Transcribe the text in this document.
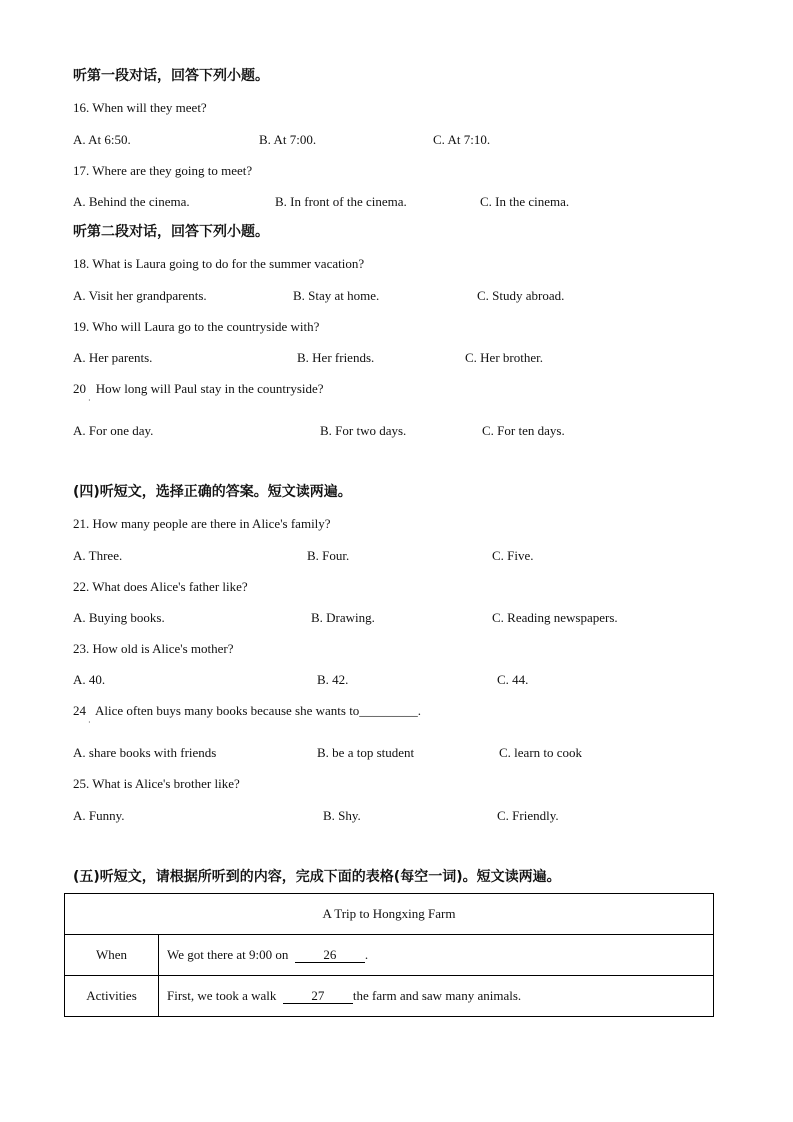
听第一段对话，回答下列小题。
16. When will they meet?
A. At 6:50.	B. At 7:00.	C. At 7:10.
17. Where are they going to meet?
A. Behind the cinema.	B. In front of the cinema.	C. In the cinema.
听第二段对话，回答下列小题。
18. What is Laura going to do for the summer vacation?
A. Visit her grandparents.	B. Stay at home.	C. Study abroad.
19. Who will Laura go to the countryside with?
A. Her parents.	B. Her friends.	C. Her brother.
20   How long will Paul stay in the countryside?
·
A. For one day.	B. For two days.	C. For ten days.
(四)听短文，选择正确的答案。短文读两遍。
21. How many people are there in Alice's family?
A. Three.	B. Four.	C. Five.
22. What does Alice's father like?
A. Buying books.	B. Drawing.	C. Reading newspapers.
23. How old is Alice's mother?
A. 40.	B. 42.	C. 44.
24   Alice often buys many books because she wants to_________.
·
A. share books with friends	B. be a top student	C. learn to cook
25. What is Alice's brother like?
A. Funny.	B. Shy.	C. Friendly.
(五)听短文，请根据所听到的内容，完成下面的表格(每空一词)。短文读两遍。
A Trip to Hongxing Farm	
When	We got there at 9:00 on  26 .
Activities	First, we took a walk  27 the farm and saw many animals.
